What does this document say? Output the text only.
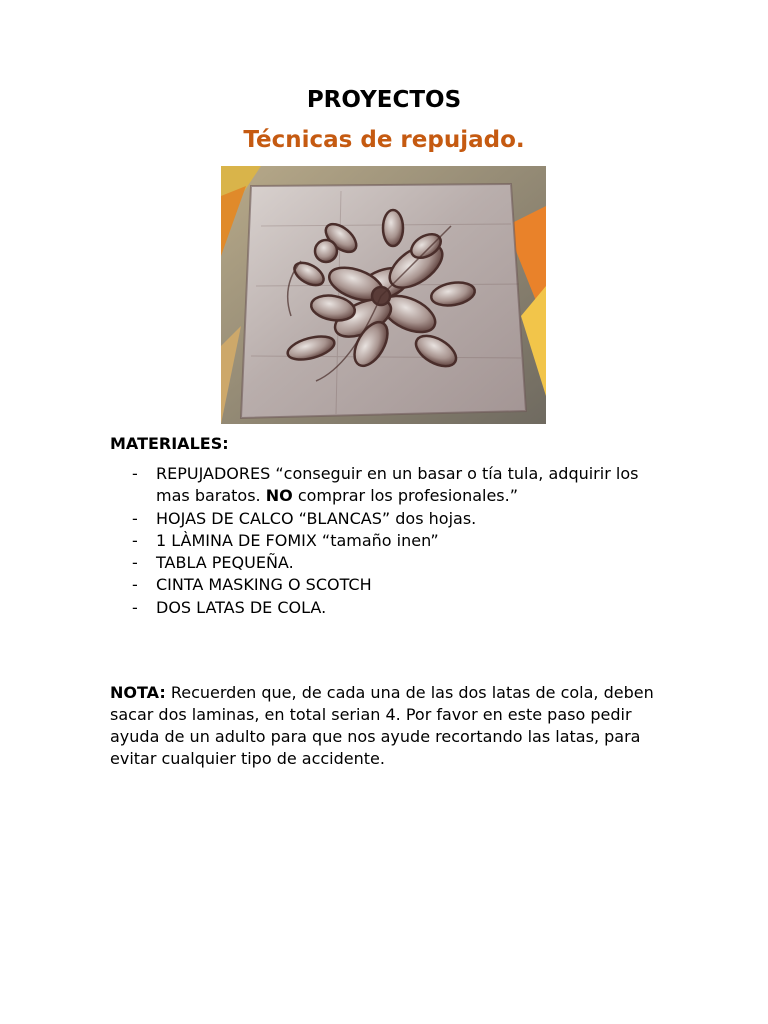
PROYECTOS
Técnicas de repujado.
MATERIALES:
- REPUJADORES “conseguir en un basar o tía tula, adquirir los mas baratos. NO comprar los profesionales.”
- HOJAS DE CALCO “BLANCAS” dos hojas.
- 1 LÀMINA DE FOMIX “tamaño inen”
- TABLA PEQUEÑA.
- CINTA MASKING O SCOTCH
- DOS LATAS DE COLA.

NOTA: Recuerden que, de cada una de las dos latas de cola, deben sacar dos laminas, en total serian 4. Por favor en este paso pedir ayuda de un adulto para que nos ayude recortando las latas, para evitar cualquier tipo de accidente.
